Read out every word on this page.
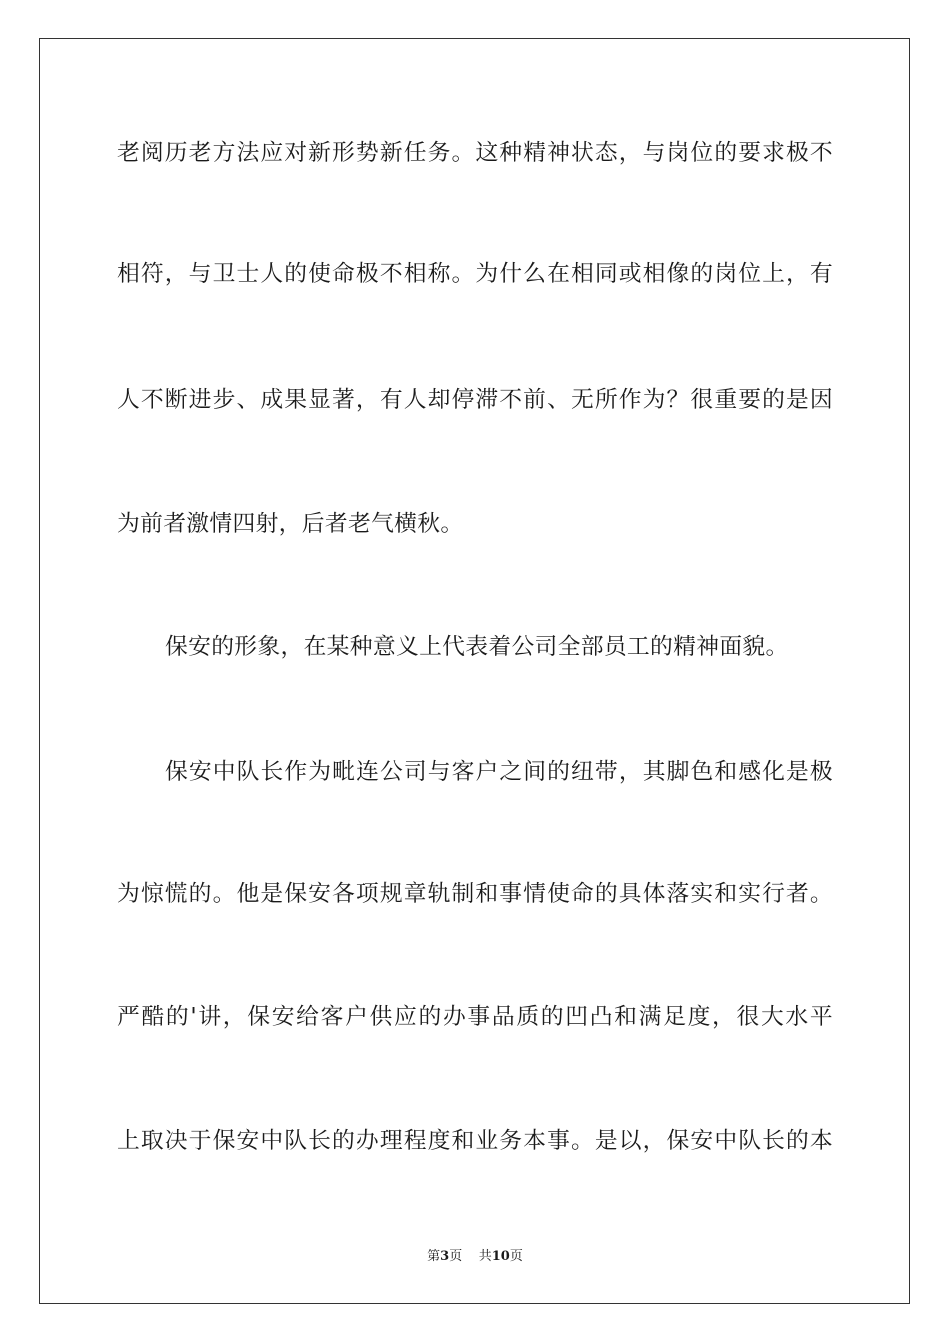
老阅历老方法应对新形势新任务。这种精神状态，与岗位的要求极不
相符，与卫士人的使命极不相称。为什么在相同或相像的岗位上，有
人不断进步、成果显著，有人却停滞不前、无所作为？很重要的是因
为前者激情四射，后者老气横秋。
保安的形象，在某种意义上代表着公司全部员工的精神面貌。
保安中队长作为毗连公司与客户之间的纽带，其脚色和感化是极
为惊慌的。他是保安各项规章轨制和事情使命的具体落实和实行者。
严酷的'讲，保安给客户供应的办事品质的凹凸和满足度，很大水平
上取决于保安中队长的办理程度和业务本事。是以，保安中队长的本
第3页 共10页
